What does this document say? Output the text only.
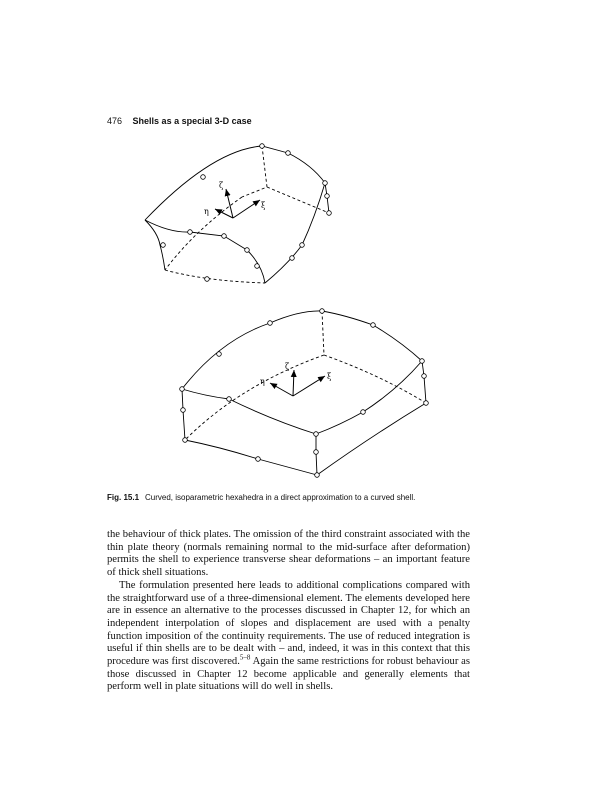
476 Shells as a special 3-D case
ζ
ξ
η
ζ
ξ
η
Fig. 15.1 Curved, isoparametric hexahedra in a direct approximation to a curved shell.

the behaviour of thick plates. The omission of the third constraint associated with the thin plate theory (normals remaining normal to the mid-surface after deformation) permits the shell to experience transverse shear deformations – an important feature of thick shell situations.

The formulation presented here leads to additional complications compared with the straightforward use of a three-dimensional element. The elements developed here are in essence an alternative to the processes discussed in Chapter 12, for which an independent interpolation of slopes and displacement are used with a penalty function imposition of the continuity requirements. The use of reduced integration is useful if thin shells are to be dealt with – and, indeed, it was in this context that this procedure was first discovered.$^{5-8}$ Again the same restrictions for robust behaviour as those discussed in Chapter 12 become applicable and generally elements that perform well in plate situations will do well in shells.
